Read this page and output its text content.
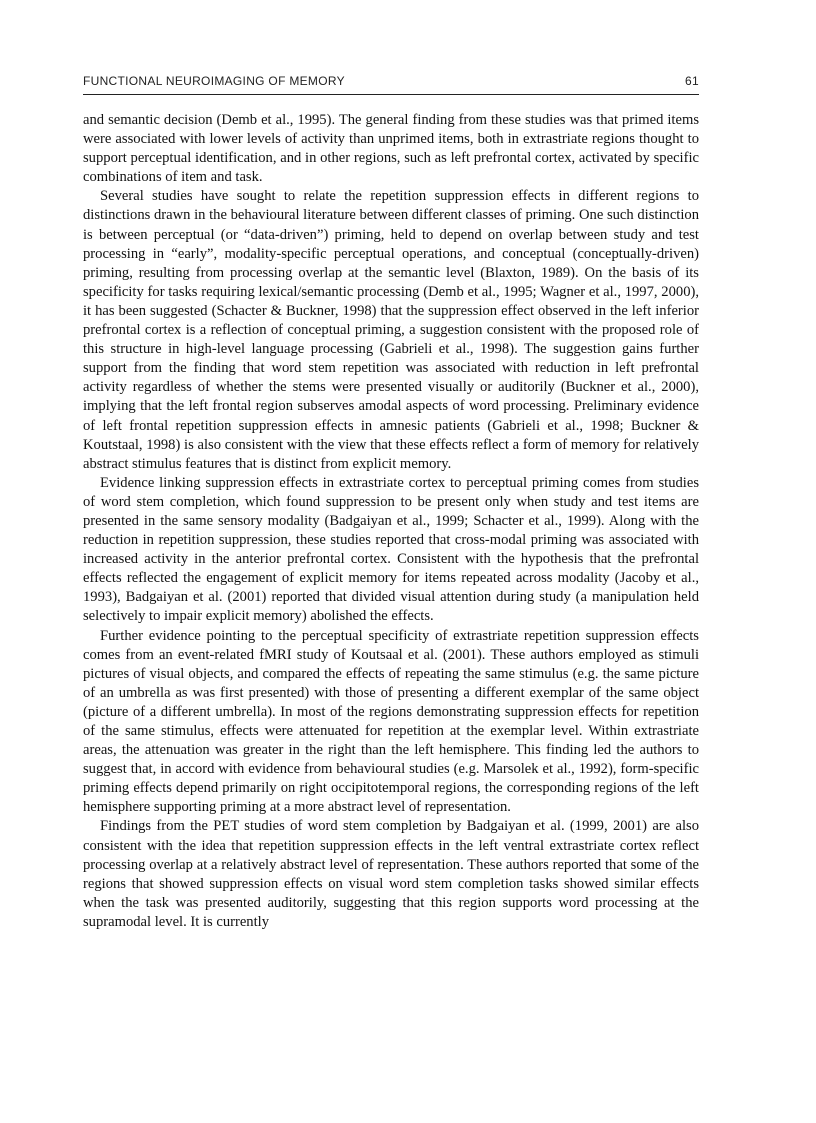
FUNCTIONAL NEUROIMAGING OF MEMORY	61

and semantic decision (Demb et al., 1995). The general finding from these studies was that primed items were associated with lower levels of activity than unprimed items, both in extrastriate regions thought to support perceptual identification, and in other regions, such as left prefrontal cortex, activated by specific combinations of item and task.

Several studies have sought to relate the repetition suppression effects in different regions to distinctions drawn in the behavioural literature between different classes of priming. One such distinction is between perceptual (or “data-driven”) priming, held to depend on overlap between study and test processing in “early”, modality-specific perceptual operations, and conceptual (conceptually-driven) priming, resulting from processing overlap at the semantic level (Blaxton, 1989). On the basis of its specificity for tasks requiring lexical/semantic processing (Demb et al., 1995; Wagner et al., 1997, 2000), it has been suggested (Schacter & Buckner, 1998) that the suppression effect observed in the left inferior prefrontal cortex is a reflection of conceptual priming, a suggestion consistent with the proposed role of this structure in high-level language processing (Gabrieli et al., 1998). The suggestion gains further support from the finding that word stem repetition was associated with reduction in left prefrontal activity regardless of whether the stems were presented visually or auditorily (Buckner et al., 2000), implying that the left frontal region subserves amodal aspects of word processing. Preliminary evidence of left frontal repetition suppression effects in amnesic patients (Gabrieli et al., 1998; Buckner & Koutstaal, 1998) is also consistent with the view that these effects reflect a form of memory for relatively abstract stimulus features that is distinct from explicit memory.

Evidence linking suppression effects in extrastriate cortex to perceptual priming comes from studies of word stem completion, which found suppression to be present only when study and test items are presented in the same sensory modality (Badgaiyan et al., 1999; Schacter et al., 1999). Along with the reduction in repetition suppression, these studies reported that cross-modal priming was associated with increased activity in the anterior prefrontal cortex. Consistent with the hypothesis that the prefrontal effects reflected the engagement of explicit memory for items repeated across modality (Jacoby et al., 1993), Badgaiyan et al. (2001) reported that divided visual attention during study (a manipulation held selectively to impair explicit memory) abolished the effects.

Further evidence pointing to the perceptual specificity of extrastriate repetition suppression effects comes from an event-related fMRI study of Koutsaal et al. (2001). These authors employed as stimuli pictures of visual objects, and compared the effects of repeating the same stimulus (e.g. the same picture of an umbrella as was first presented) with those of presenting a different exemplar of the same object (picture of a different umbrella). In most of the regions demonstrating suppression effects for repetition of the same stimulus, effects were attenuated for repetition at the exemplar level. Within extrastriate areas, the attenuation was greater in the right than the left hemisphere. This finding led the authors to suggest that, in accord with evidence from behavioural studies (e.g. Marsolek et al., 1992), form-specific priming effects depend primarily on right occipitotemporal regions, the corresponding regions of the left hemisphere supporting priming at a more abstract level of representation.

Findings from the PET studies of word stem completion by Badgaiyan et al. (1999, 2001) are also consistent with the idea that repetition suppression effects in the left ventral extrastriate cortex reflect processing overlap at a relatively abstract level of representation. These authors reported that some of the regions that showed suppression effects on visual word stem completion tasks showed similar effects when the task was presented auditorily, suggesting that this region supports word processing at the supramodal level. It is currently
